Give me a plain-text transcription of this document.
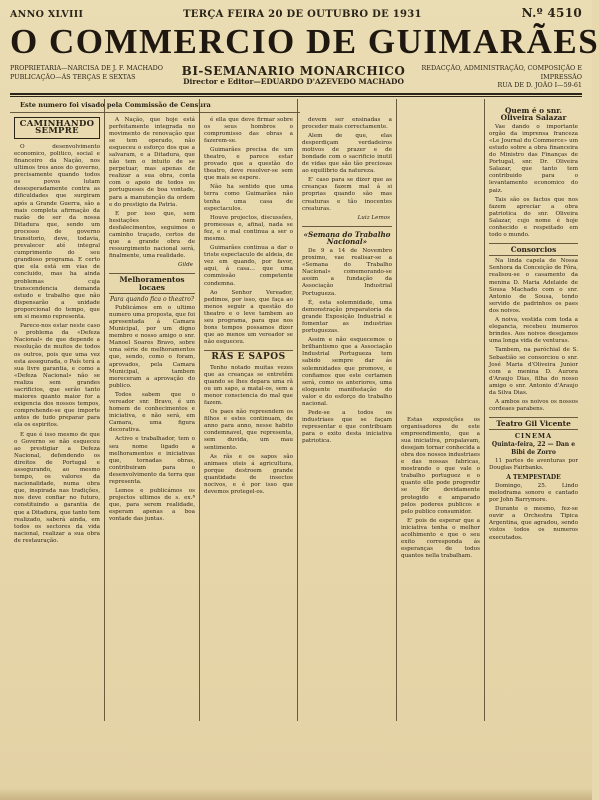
ANNO XLVIII	TERÇA FEIRA 20 DE OUTUBRO DE 1931	N.º 4510
O COMMERCIO DE GUIMARÃES
PROPRIETARIA—NARCISA DE J. F. MACHADO
PUBLICAÇÃO—ÁS TERÇAS E SEXTAS	BI-SEMANARIO MONARCHICO
Director e Editor—EDUARDO D'AZEVEDO MACHADO
REDACÇÃO, ADMINISTRAÇÃO, COMPOSIÇÃO E IMPRESSÃO
RUA DE D. JOÃO I—59-61
Este numero foi visado pela Commissão de Censura
CAMINHANDO SEMPRE

O desenvolvimento economico, politico, social e financeiro da Nação, nos ultimos tres anos do governo, precisamente quando todos os povos lutam desesperadamente contra as dificuldades que surgiram após a Grande Guerra, são a mais completa afirmação da razão de ser da nossa Ditadura que, sendo um processo de governo transitorio, deve, todavia, prevalecer até integral cumprimento do seu grandioso programa. E certo que ela está em vias de concluido, mas ha ainda problemas cuja transcendencia demanda estudo e trabalho que não dispensarão a unidade proporcional do tempo, que em si mesmo representa.

Parece-nos estar neste caso o problema da «Defeza Nacional» de que depende a resolução de muitos de todos os outros, pois que uma vez esta assegurada, o País terá a sua livre garantia, e como a «Defeza Nacional» não se realiza sem grandes sacrificios, que serão tanto maiores quanto maior for a exigencia dos nossos tempos, comprehende-se que importe antes de tudo preparar para ela os espiritos.

E que é isso mesmo de que o Governo se não esqueceu ao prestigiar a Defeza Nacional, defendendo os direitos de Portugal e assegurando, ao mesmo tempo, os valores da nacionalidade, numa obra que, inspirada nas tradições, nos deve confiar no futuro, constituindo a garantia de que a Ditadura, que tanto tem realizado, saberá ainda, em todos os sectores da vida nacional, realizar a sua obra de restauração.

A Nação, que hoje está perfeitamente integrada no movimento de renovação que se tem operado, não esqueceu o esforço dos que a salvaram, e a Ditadura, que não tem o intuito de se perpetuar, mas apenas de realizar a sua obra, conta com o apoio de todos os portugueses de boa vontade, para a manutenção da ordem e do prestigio da Patria.

E por isso que, sem hesitações nem desfalecimentos, seguimos o caminho traçado, certos de que a grande obra de ressurgimento nacional será, finalmente, uma realidade.

Gilde
Melhoramentos locaes
Para quando fica o theatro?

Publicámos em o ultimo numero uma proposta, que foi apresentada á Camara Municipal, por um digno membro e nosso amigo o snr. Manoel Soares Bravo, sobre uma série de melhoramentos que, sendo, como o foram, aprovados, pela Camara Municipal, tambem mereceram a aprovação do publico.

Todos sabem que o vereador snr. Bravo, é um homem de conhecimentos e iniciativa, e não será, em Camara, uma figura decorativa.

Activo e trabalhador, tem o seu nome ligado a melhoramentos e iniciativas que, tornadas obras, contribuiram para o desenvolvimento da terra que representa.

Lemos e publicámos os projectos ultimos de s. ex.ª que, para serem realidade, esperam apenas a boa vontade das juntas.

é ella que deve firmar sobre os seus hombros o compromisso das obras a fazerem-se.

Guimarães precisa de um theatro, e parece estar provado que a questão do theatro, deve resolver-se sem que mais se espere.

Não ha sentido que uma terra como Guimarães não tenha uma casa de espectaculos.

Houve projectos, discussões, promessas e, afinal, nada se fez, e o mal continua a ser o mesmo.

Guimarães continua a dar o triste espectaculo de aldeia, de vez em quando, por favor, aqui, á casa... que uma commissão competente condemna.

Ao Senhor Vereador, pedimos, por isso, que faça ao menos seguir a questão do theatro e o leve tambem ao seu programa, para que nos bons tempos possamos dizer que ao menos um vereador se não esqueceu.

RÃS E SAPOS

Tenho notado muitas vezes que as creanças se entretêm quando se lhes depara uma rã ou um sapo, a matal-os, sem a menor consciencia do mal que fazem.

Os paes não repreendem os filhos e estes continuam, de anno para anno, nesse habito condemnavel, que representa, sem duvida, um mau sentimento.

As rãs e os sapos são animaes uteis á agricultura, porque destroem grande quantidade de insectos nocivos, e é por isso que devemos protegel-os.

devem ser ensinadas a proceder mais correctamente.

Alem de que, elas desperdiçam verdadeiros motivos de prazer e de bondade com o sacrificio inutil de vidas que são tão preciosas ao equilibrio da natureza.

E' caso para se dizer que as creanças fazem mal á si proprias quando são mas creaturas e tão inocentes creaturas.

Luiz Lemos
«Semana do Trabalho Nacional»

De 9 a 14 de Novembro proximo, vae realisar-se a «Semana do Trabalho Nacional» comemorando-se assim a fundação da Associação Industrial Portugueza.

É, esta solemnidade, uma demonstração preparatoria da grande Exposição Industrial e fomentar as industrias portuguezas.

Assim e não esquecemos o brilhantismo que a Associação Industrial Portugueza tem sabido sempre dar ás solemnidades que promove, e confiamos que este certamen será, como os anteriores, uma eloquente manifestação do valor e do esforço do trabalho nacional.

Pede-se a todos os industriaes que se façam representar e que contribuam para o exito desta iniciativa patriotica.

Estas exposições os organisadores de este empreendimento, que a sua iniciativa, propalavam, desejam tornar conhecida a obra dos nossos industriaes e das nossas fabricas, mostrando o que vale o trabalho portuguez e o quanto elle pode progredir se fôr devidamente protegido e amparado pelos poderes publicos e pelo publico consumidor.

E' pois de esperar que a iniciativa tenha o melhor acolhimento e que o seu exito corresponda ás esperanças de todos quantos nella trabalham.

Quem é o snr. Oliveira Salazar

Vae dando o importante orgão da imprensa franceza «Le Journal du Commerce» um estudo sobre a obra financeira do Ministro das Finanças de Portugal, snr. Dr. Oliveira Salazar, que tanto tem contribuido para o levantamento economico do paiz.

Tais são os factos que nos fazem apreciar a obra patriotica do snr. Oliveira Salazar, cujo nome é hoje conhecido e respeitado em todo o mundo.

Consorcios

Na linda capela de Nossa Senhora da Conceição de Fôra, realisou-se o casamento da menina D. Maria Adelaide de Sousa Machado com o snr. Antonio de Sousa, tendo servido de padrinhos os paes dos noivos.

A noiva, vestida com toda a elegancia, recebeu inumeros brindes. Aos noivos desejamos uma longa vida de venturas.

Tambem, na paróchial de S. Sebastião se consorciou o snr. José Maria d'Oliveira Junior com a menina D. Aurora d'Araujo Dias, filha do nosso amigo o snr. Antonio d'Araujo da Silva Dias.

A ambos os noivos os nossos cordeaes parabens.

Teatro Gil Vicente
CINEMA
Quinta-feira, 22 — Dan e Bibi de Zorro

11 partes de aventuras por Douglas Fairbanks.

A TEMPESTADE

Domingo, 25. Lindo melodrama sonoro e cantado por John Barrymore.

Durante o mesmo, fez-se ouvir a Orchestra Tipica Argentina, que agradou, sendo vistos todos os numeros executados.
